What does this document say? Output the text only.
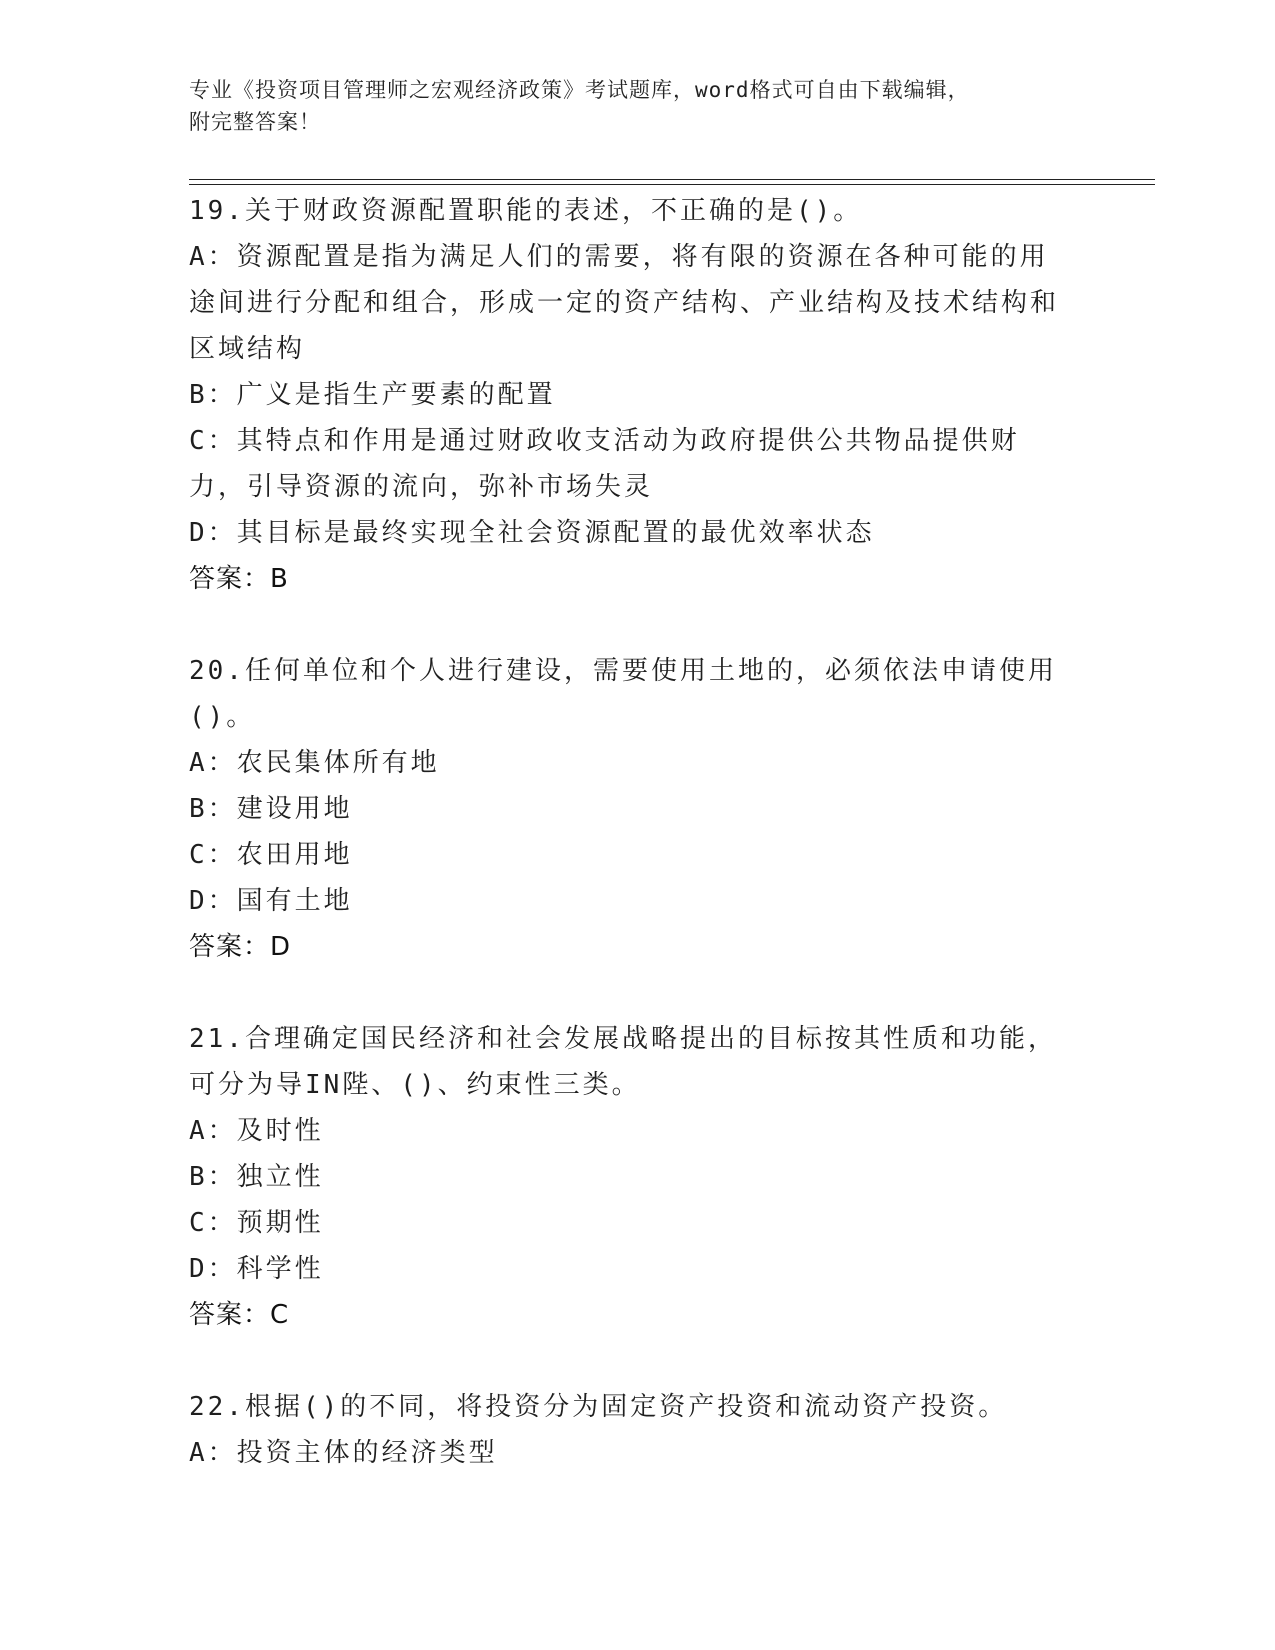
专业《投资项目管理师之宏观经济政策》考试题库，word格式可自由下载编辑，
附完整答案！
19.关于财政资源配置职能的表述，不正确的是()。
A：资源配置是指为满足人们的需要，将有限的资源在各种可能的用途间进行分配和组合，形成一定的资产结构、产业结构及技术结构和区域结构
B：广义是指生产要素的配置
C：其特点和作用是通过财政收支活动为政府提供公共物品提供财力，引导资源的流向，弥补市场失灵
D：其目标是最终实现全社会资源配置的最优效率状态
答案：B
20.任何单位和个人进行建设，需要使用土地的，必须依法申请使用()。
A：农民集体所有地
B：建设用地
C：农田用地
D：国有土地
答案：D
21.合理确定国民经济和社会发展战略提出的目标按其性质和功能，可分为导IN陛、()、约束性三类。
A：及时性
B：独立性
C：预期性
D：科学性
答案：C
22.根据()的不同，将投资分为固定资产投资和流动资产投资。
A：投资主体的经济类型
